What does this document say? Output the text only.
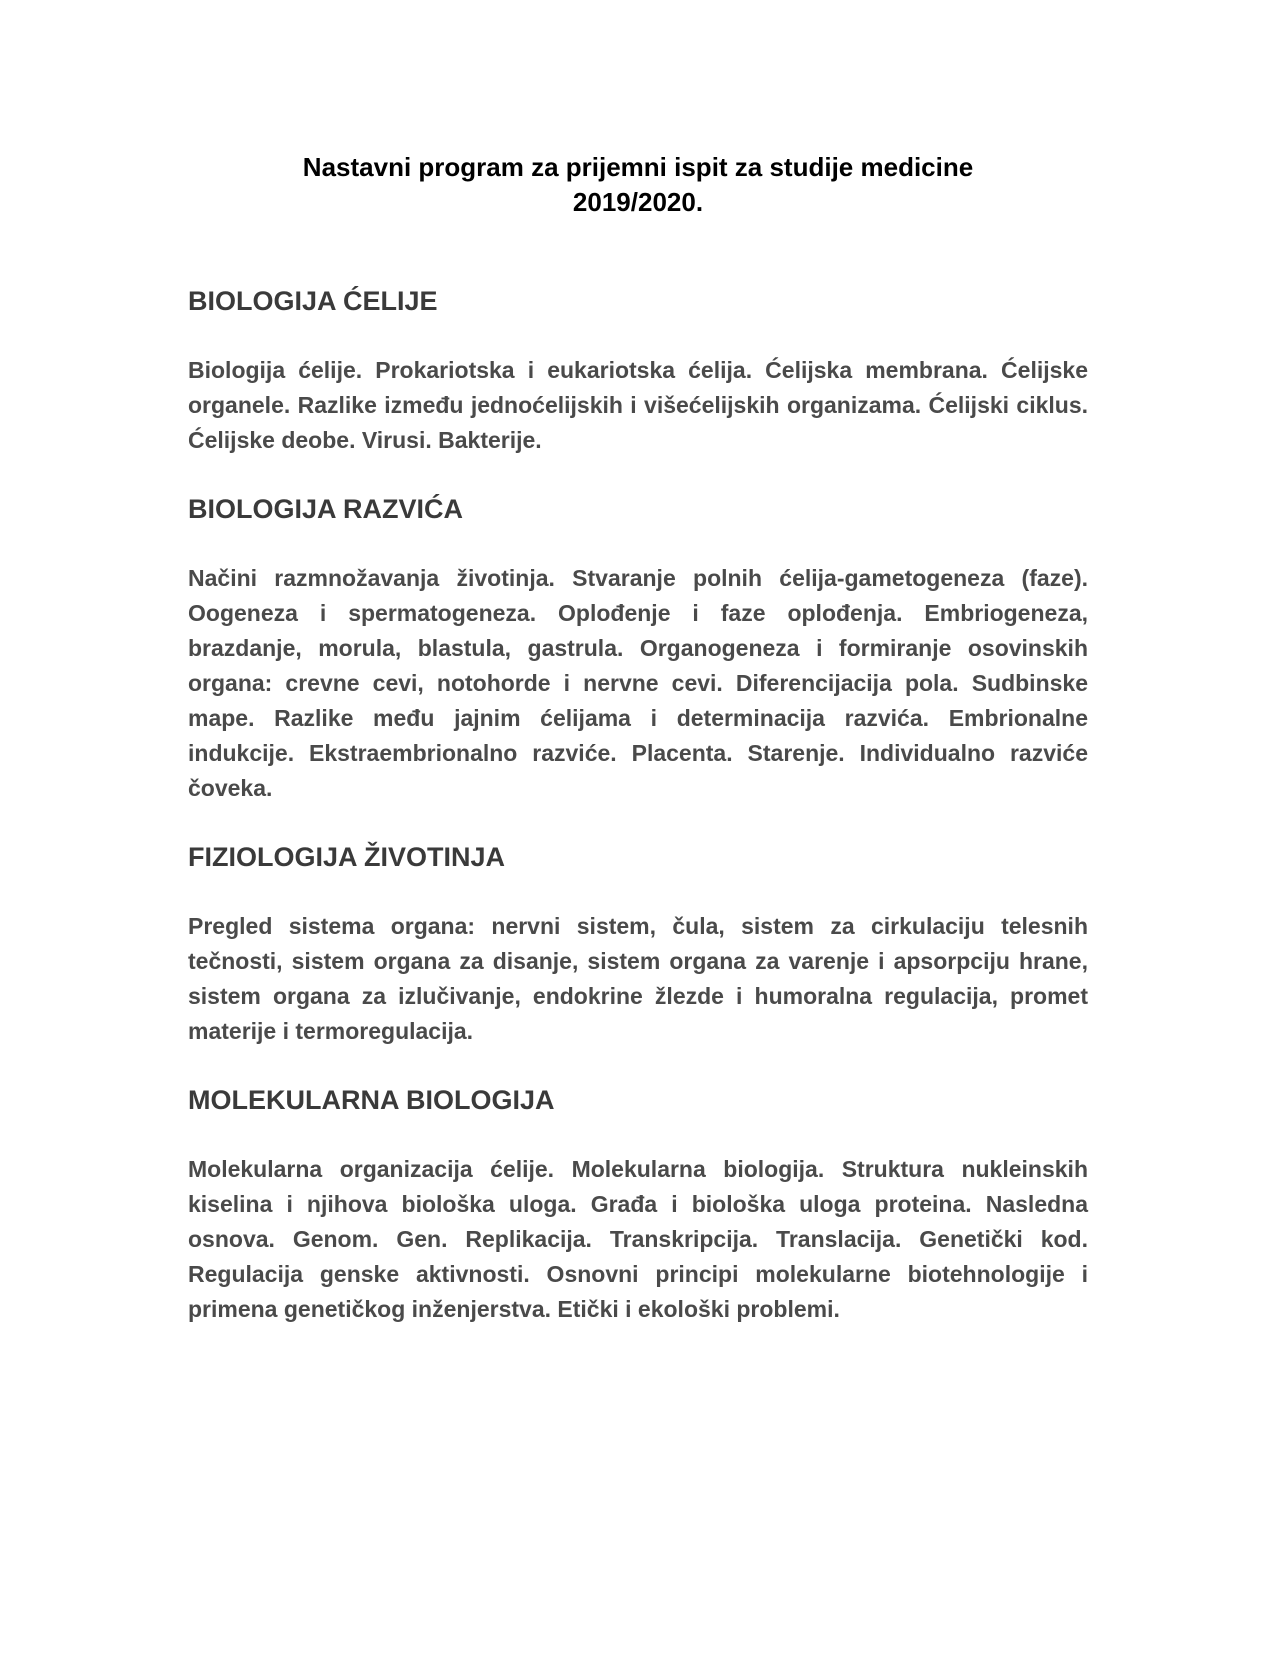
Nastavni program za prijemni ispit za studije medicine
2019/2020.
BIOLOGIJA ĆELIJE

Biologija ćelije. Prokariotska i eukariotska ćelija. Ćelijska membrana. Ćelijske organele. Razlike između jednoćelijskih i višećelijskih organizama. Ćelijski ciklus. Ćelijske deobe. Virusi. Bakterije.

BIOLOGIJA RAZVIĆA

Načini razmnožavanja životinja. Stvaranje polnih ćelija-gametogeneza (faze). Oogeneza i spermatogeneza. Oplođenje i faze oplođenja. Embriogeneza, brazdanje, morula, blastula, gastrula. Organogeneza i formiranje osovinskih organa: crevne cevi, notohorde i nervne cevi. Diferencijacija pola. Sudbinske mape. Razlike među jajnim ćelijama i determinacija razvića. Embrionalne indukcije. Ekstraembrionalno razviće. Placenta. Starenje. Individualno razviće čoveka.

FIZIOLOGIJA ŽIVOTINJA

Pregled sistema organa: nervni sistem, čula, sistem za cirkulaciju telesnih tečnosti, sistem organa za disanje, sistem organa za varenje i apsorpciju hrane, sistem organa za izlučivanje, endokrine žlezde i humoralna regulacija, promet materije i termoregulacija.

MOLEKULARNA BIOLOGIJA

Molekularna organizacija ćelije. Molekularna biologija. Struktura nukleinskih kiselina i njihova biološka uloga. Građa i biološka uloga proteina. Nasledna osnova. Genom. Gen. Replikacija. Transkripcija. Translacija. Genetički kod. Regulacija genske aktivnosti. Osnovni principi molekularne biotehnologije i primena genetičkog inženjerstva. Etički i ekološki problemi.
